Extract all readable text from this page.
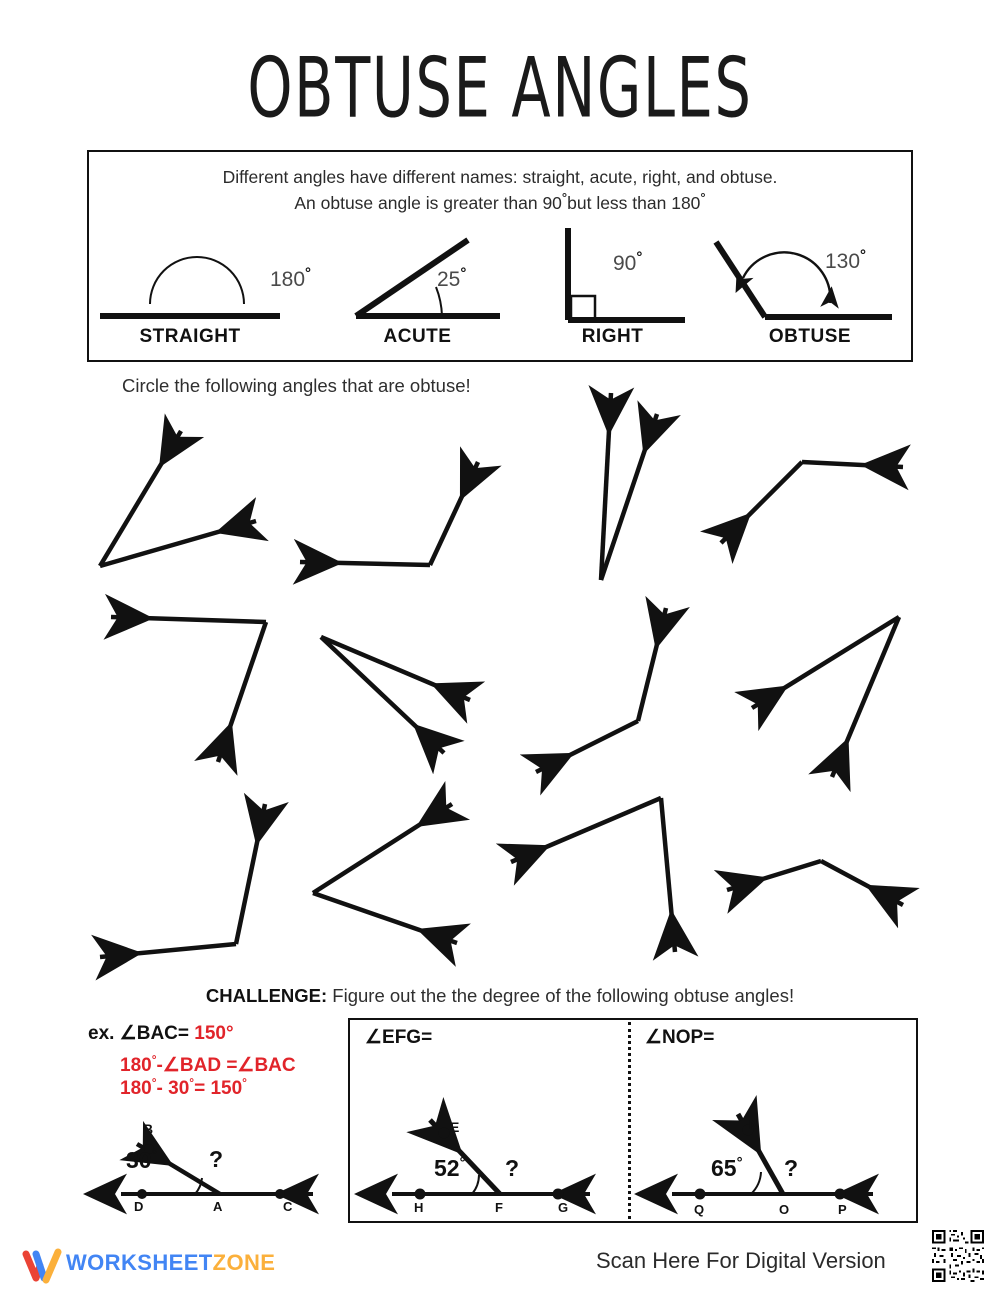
OBTUSE ANGLES
Different angles have different names: straight, acute, right, and obtuse.
An obtuse angle is greater than 90°but less than 180°
180°
STRAIGHT
25°
ACUTE
90°
RIGHT
130°
OBTUSE
Circle the following angles that are obtuse!
CHALLENGE: Figure out the the degree of the following obtuse angles!
ex. ∠BAC= 150°
180°-∠BAD =∠BAC
180°- 30°= 150°
B
30° ?
D	A	C
∠EFG=	∠NOP=
E
52° ?
H	F	G
N
65° ?
Q	O	P
WORKSHEETZONE	Scan Here For Digital Version
